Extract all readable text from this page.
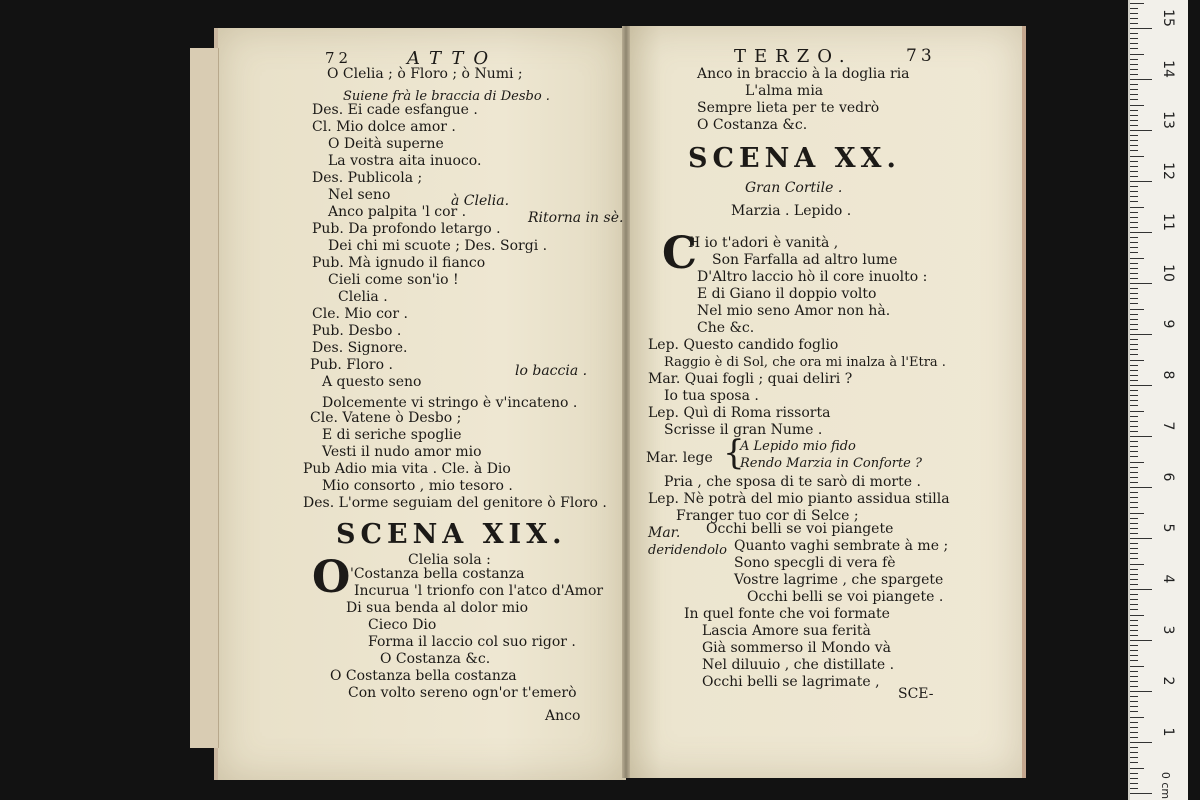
72	ATTO
O Clelia ; ò Floro ; ò Numi ;
Suiene frà le braccia di Desbo .
Des. Ei cade esfangue .
Cl. Mio dolce amor .
O Deità superne
La vostra aita inuoco.
Des. Publicola ;
Nel seno	à Clelia.
Anco palpita 'l cor .	Ritorna in sè.
Pub. Da profondo letargo .
Dei chi mi scuote ; Des. Sorgi .
Pub. Mà ignudo il fianco
Cieli come son'io !
Clelia .
Cle. Mio cor .
Pub. Desbo .
Des. Signore.
Pub. Floro .	lo baccia .
A questo seno
Dolcemente vi stringo è v'incateno .
Cle. Vatene ò Desbo ;
E di seriche spoglie
Vesti il nudo amor mio
Pub Adio mia vita . Cle. à Dio
Mio consorto , mio tesoro .
Des. L'orme seguiam del genitore ò Floro .
SCENA XIX.
Clelia sola :
O 'Costanza bella costanza
Incurua 'l trionfo con l'atco d'Amor
Di sua benda al dolor mio
Cieco Dio
Forma il laccio col suo rigor .
O Costanza &c.
O Costanza bella costanza
Con volto sereno ogn'or t'emerò
Anco
TERZO.	73
Anco in braccio à la doglia ria
L'alma mia
Sempre lieta per te vedrò
O Costanza &c.
SCENA XX.
Gran Cortile .
Marzia . Lepido .
C
H io t'adori è vanità ,
Son Farfalla ad altro lume
D'Altro laccio hò il core inuolto :
E di Giano il doppio volto
Nel mio seno Amor non hà.
Che &c.
Lep. Questo candido foglio
Raggio è di Sol, che ora mi inalza à l'Etra .
Mar. Quai fogli ; quai deliri ?
Io tua sposa .
Lep. Quì di Roma rissorta
Scrisse il gran Nume .
Mar. lege {
A Lepido mio fido
Rendo Marzia in Conforte ?
Pria , che sposa di te sarò di morte .
Lep. Nè potrà del mio pianto assidua stilla
Franger tuo cor di Selce ;
Mar.
deridendolo
Occhi belli se voi piangete
Quanto vaghi sembrate à me ;
Sono specgli di vera fè
Vostre lagrime , che spargete
Occhi belli se voi piangete .
In quel fonte che voi formate
Lascia Amore sua ferità
Già sommerso il Mondo và
Nel diluuio , che distillate .
Occhi belli se lagrimate ,
SCE-
15
14
13
12
11
10
9
8
7
6
5
4
3
2
1
0 cm
